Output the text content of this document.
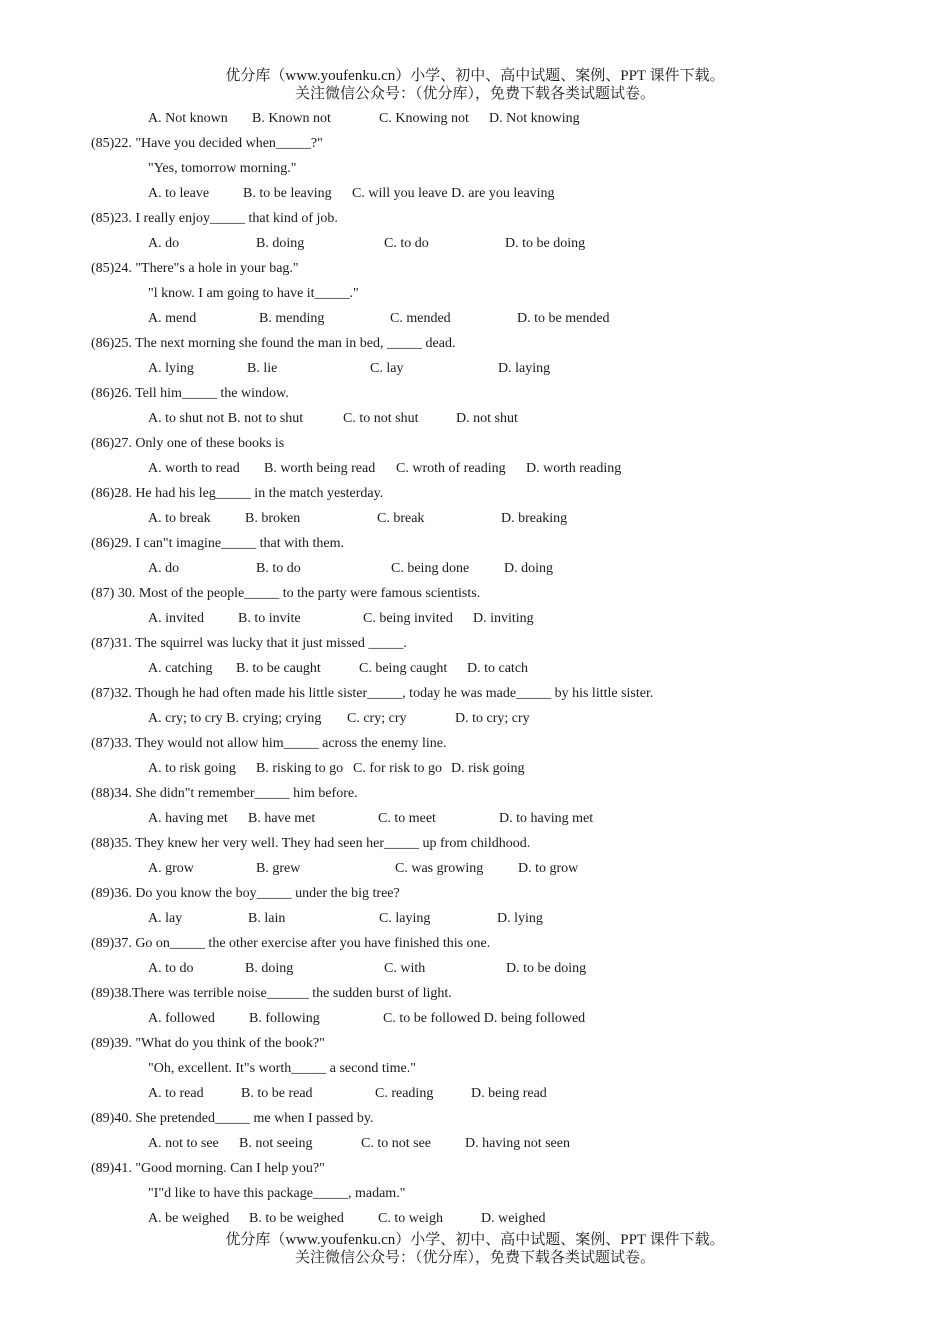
优分库（www.youfenku.cn）小学、初中、高中试题、案例、PPT 课件下载。
关注微信公众号：（优分库），免费下载各类试题试卷。
A. Not known B. Known not	C. Knowing not D. Not knowing
(85)22. "Have you decided when_____?"
"Yes, tomorrow morning."
A. to leave B. to be leaving C. will you leave D. are you leaving
(85)23. I really enjoy_____ that kind of job.
A. do	B. doing	C. to do	D. to be doing
(85)24. "There"s a hole in your bag."
"l know. I am going to have it_____."
A. mend	B. mending	C. mended	D. to be mended
(86)25. The next morning she found the man in bed, _____ dead.
A. lying	B. lie	C. lay	D. laying
(86)26. Tell him_____ the window.
A. to shut not B. not to shut	C. to not shut	D. not shut
(86)27. Only one of these books is
A. worth to read B. worth being read C. wroth of reading D. worth reading
(86)28. He had his leg_____ in the match yesterday.
A. to break B. broken	C. break	D. breaking
(86)29. I can"t imagine_____ that with them.
A. do	B. to do	C. being done D. doing
(87) 30. Most of the people_____ to the party were famous scientists.
A. invited B. to invite	C. being invited D. inviting
(87)31. The squirrel was lucky that it just missed _____.
A. catching B. to be caught	C. being caught D. to catch
(87)32. Though he had often made his little sister_____, today he was made_____ by his little sister.
A. cry; to cry B. crying; crying C. cry; cry	D. to cry; cry
(87)33. They would not allow him_____ across the enemy line.
A. to risk going B. risking to go C. for risk to go D. risk going
(88)34. She didn"t remember_____ him before.
A. having met B. have met	C. to meet	D. to having met
(88)35. They knew her very well. They had seen her_____ up from childhood.
A. grow	B. grew	C. was growing D. to grow
(89)36. Do you know the boy_____ under the big tree?
A. lay	B. lain	C. laying	D. lying
(89)37. Go on_____ the other exercise after you have finished this one.
A. to do	B. doing	C. with	D. to be doing
(89)38.There was terrible noise______ the sudden burst of light.
A. followed B. following	C. to be followed D. being followed
(89)39. "What do you think of the book?"
"Oh, excellent. It"s worth_____ a second time."
A. to read	B. to be read	C. reading	D. being read
(89)40. She pretended_____ me when I passed by.
A. not to see B. not seeing	C. to not see D. having not seen
(89)41. "Good morning. Can I help you?"
"I"d like to have this package_____, madam."
A. be weighed B. to be weighed C. to weigh	D. weighed
优分库（www.youfenku.cn）小学、初中、高中试题、案例、PPT 课件下载。
关注微信公众号：（优分库），免费下载各类试题试卷。
